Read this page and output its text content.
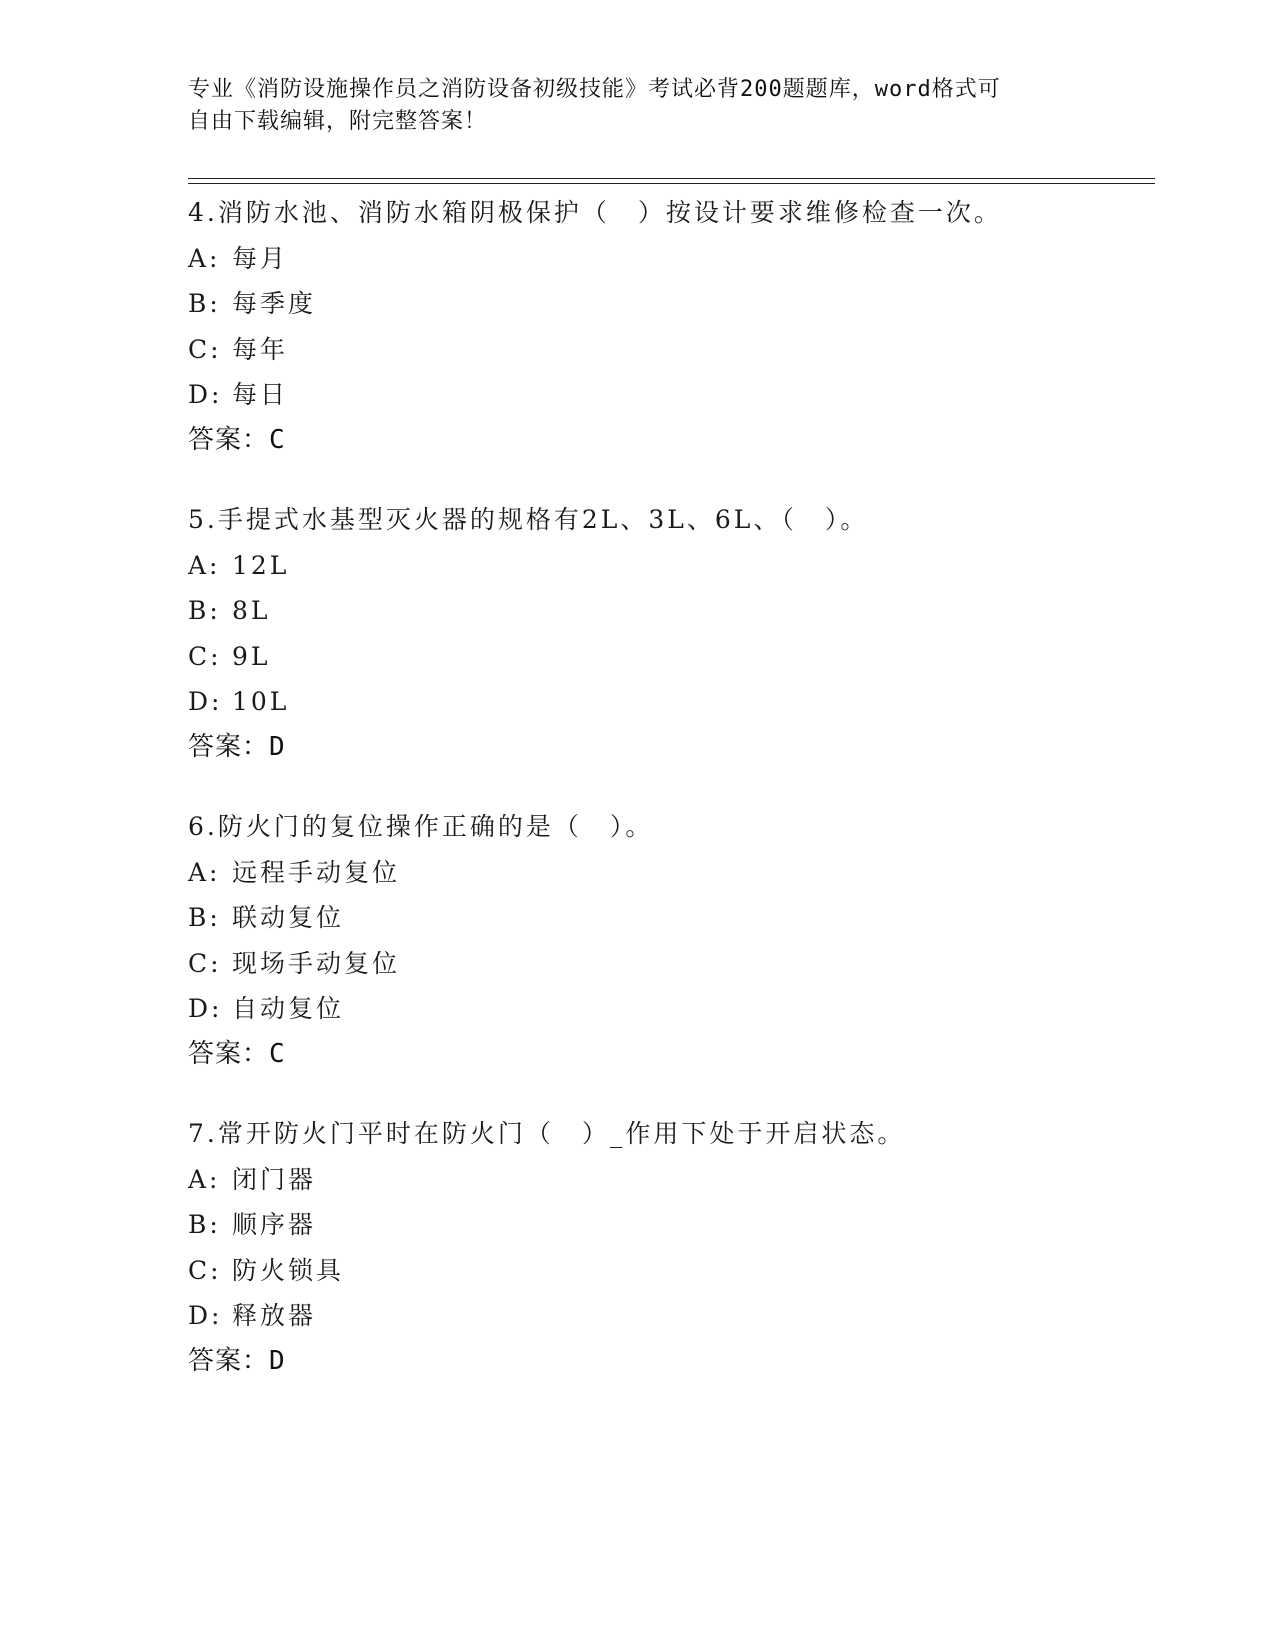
专业《消防设施操作员之消防设备初级技能》考试必背200题题库，word格式可
自由下载编辑，附完整答案！
4.消防水池、消防水箱阴极保护（　）按设计要求维修检查一次。
A: 每月
B: 每季度
C: 每年
D: 每日
答案：C
5.手提式水基型灭火器的规格有2L、3L、6L、（　）。
A: 12L
B: 8L
C: 9L
D: 10L
答案：D
6.防火门的复位操作正确的是（　）。
A: 远程手动复位
B: 联动复位
C: 现场手动复位
D: 自动复位
答案：C
7.常开防火门平时在防火门（　）_作用下处于开启状态。
A: 闭门器
B: 顺序器
C: 防火锁具
D: 释放器
答案：D
